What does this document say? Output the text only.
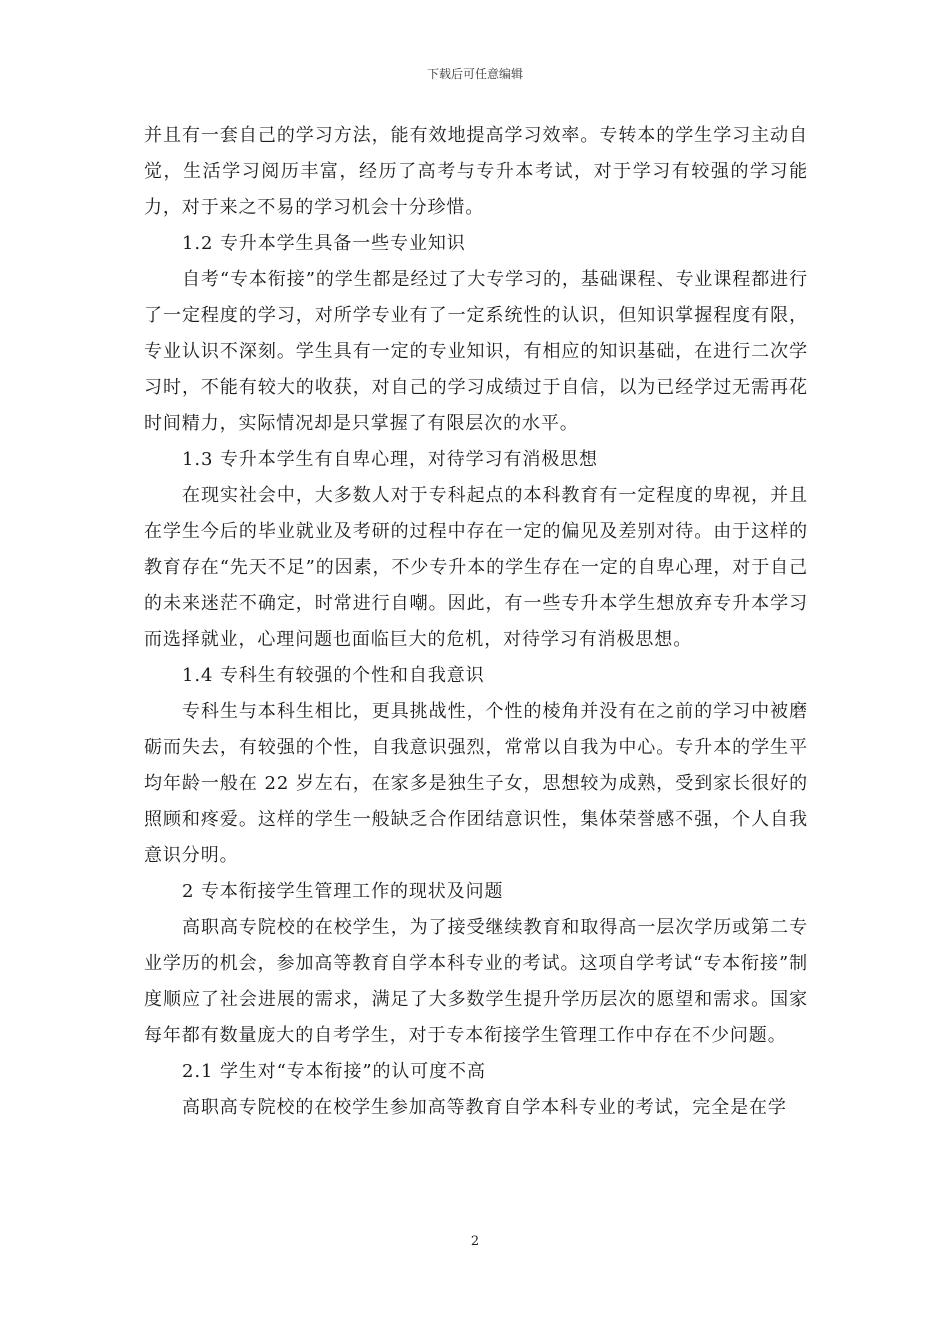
下载后可任意编辑

并且有一套自己的学习方法，能有效地提高学习效率。专转本的学生学习主动自觉，生活学习阅历丰富，经历了高考与专升本考试，对于学习有较强的学习能力，对于来之不易的学习机会十分珍惜。

1.2 专升本学生具备一些专业知识

自考“专本衔接”的学生都是经过了大专学习的，基础课程、专业课程都进行了一定程度的学习，对所学专业有了一定系统性的认识，但知识掌握程度有限，专业认识不深刻。学生具有一定的专业知识，有相应的知识基础，在进行二次学习时，不能有较大的收获，对自己的学习成绩过于自信，以为已经学过无需再花时间精力，实际情况却是只掌握了有限层次的水平。

1.3 专升本学生有自卑心理，对待学习有消极思想

在现实社会中，大多数人对于专科起点的本科教育有一定程度的卑视，并且在学生今后的毕业就业及考研的过程中存在一定的偏见及差别对待。由于这样的教育存在“先天不足”的因素，不少专升本的学生存在一定的自卑心理，对于自己的未来迷茫不确定，时常进行自嘲。因此，有一些专升本学生想放弃专升本学习而选择就业，心理问题也面临巨大的危机，对待学习有消极思想。

1.4 专科生有较强的个性和自我意识

专科生与本科生相比，更具挑战性，个性的棱角并没有在之前的学习中被磨砺而失去，有较强的个性，自我意识强烈，常常以自我为中心。专升本的学生平均年龄一般在 22 岁左右，在家多是独生子女，思想较为成熟，受到家长很好的照顾和疼爱。这样的学生一般缺乏合作团结意识性，集体荣誉感不强，个人自我意识分明。

2 专本衔接学生管理工作的现状及问题

高职高专院校的在校学生，为了接受继续教育和取得高一层次学历或第二专业学历的机会，参加高等教育自学本科专业的考试。这项自学考试“专本衔接”制度顺应了社会进展的需求，满足了大多数学生提升学历层次的愿望和需求。国家每年都有数量庞大的自考学生，对于专本衔接学生管理工作中存在不少问题。

2.1 学生对“专本衔接”的认可度不高

高职高专院校的在校学生参加高等教育自学本科专业的考试，完全是在学

2
